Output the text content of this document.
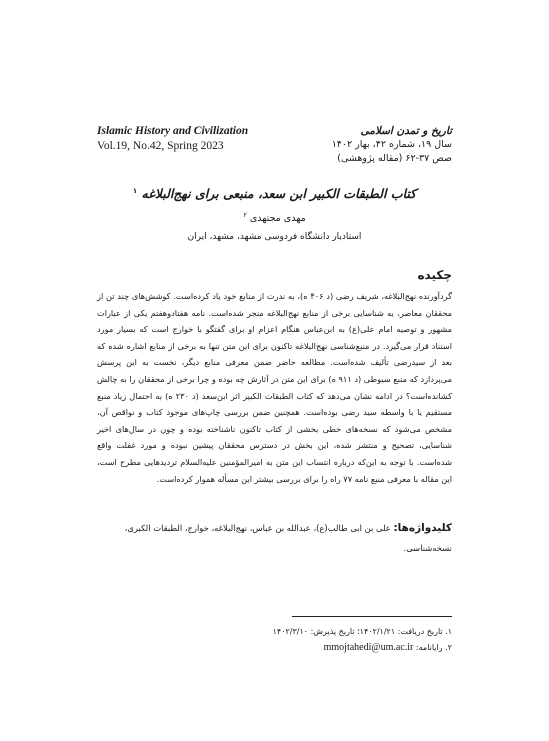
Islamic History and Civilization
Vol.19, No.42, Spring 2023
تاریخ و تمدن اسلامی
سال ۱۹، شماره ۴۲، بهار ۱۴۰۲
صص ۳۷-۶۲ (مقاله پژوهشی)
کتاب الطبقات الکبیر ابن سعد، منبعی برای نهج‌البلاغه $^۱$
مهدی مجتهدی $^۲$
استادیار دانشگاه فردوسی مشهد، مشهد، ایران
چکیده
گردآورنده نهج‌البلاغه، شریف رضی (د ۴۰۶ ه)، به ندرت از منابع خود یاد کرده‌است. کوشش‌های چند تن از محققان معاصر، به شناسایی برخی از منابع نهج‌البلاغه منجر شده‌است. نامه هفتادوهفتم یکی از عبارات مشهور و توصیه امام علی(ع) به ابن‌عباس هنگام اعزام او برای گفتگو با خوارج است که بسیار مورد استناد قرار می‌گیرد. در منبع‌شناسی نهج‌البلاغه تاکنون برای این متن تنها به برخی از منابع اشاره شده که بعد از سیدرضی تألیف شده‌است. مطالعه حاضر ضمن معرفی منابع دیگر، نخست به این پرسش می‌پردازد که منبع سیوطی (د ۹۱۱ ه) برای این متن در آثارش چه بوده و چرا برخی از محققان را به چالش کشانده‌است؟ در ادامه نشان می‌دهد که کتاب الطبقات الکبیر اثر ابن‌سعد (د ۲۳۰ ه) به احتمال زیاد منبع مستقیم یا با واسطه سید رضی بوده‌است. همچنین ضمن بررسی چاپ‌های موجود کتاب و نواقص آن، مشخص می‌شود که نسخه‌های خطی بخشی از کتاب تاکنون ناشناخته بوده و چون در سال‌های اخیر شناسایی، تصحیح و منتشر شده، این بخش در دسترس محققان پیشین نبوده و مورد غفلت واقع شده‌است. با توجه به این‌که درباره انتساب این متن به امیرالمؤمنین علیه‌السلام تردیدهایی مطرح است، این مقاله با معرفی منبع نامه ۷۷ راه را برای بررسی بیشتر این مسأله هموار کرده‌است.
کلیدواژه‌ها: علی بن ابی طالب(ع)، عبدالله بن عباس، نهج‌البلاغه، خوارج، الطبقات الکبری، نسخه‌شناسی.
۱. تاریخ دریافت: ۱۴۰۲/۱/۲۱؛ تاریخ پذیرش: ۱۴۰۲/۳/۱۰
۲. رایانامه: mmojtahedi@um.ac.ir
